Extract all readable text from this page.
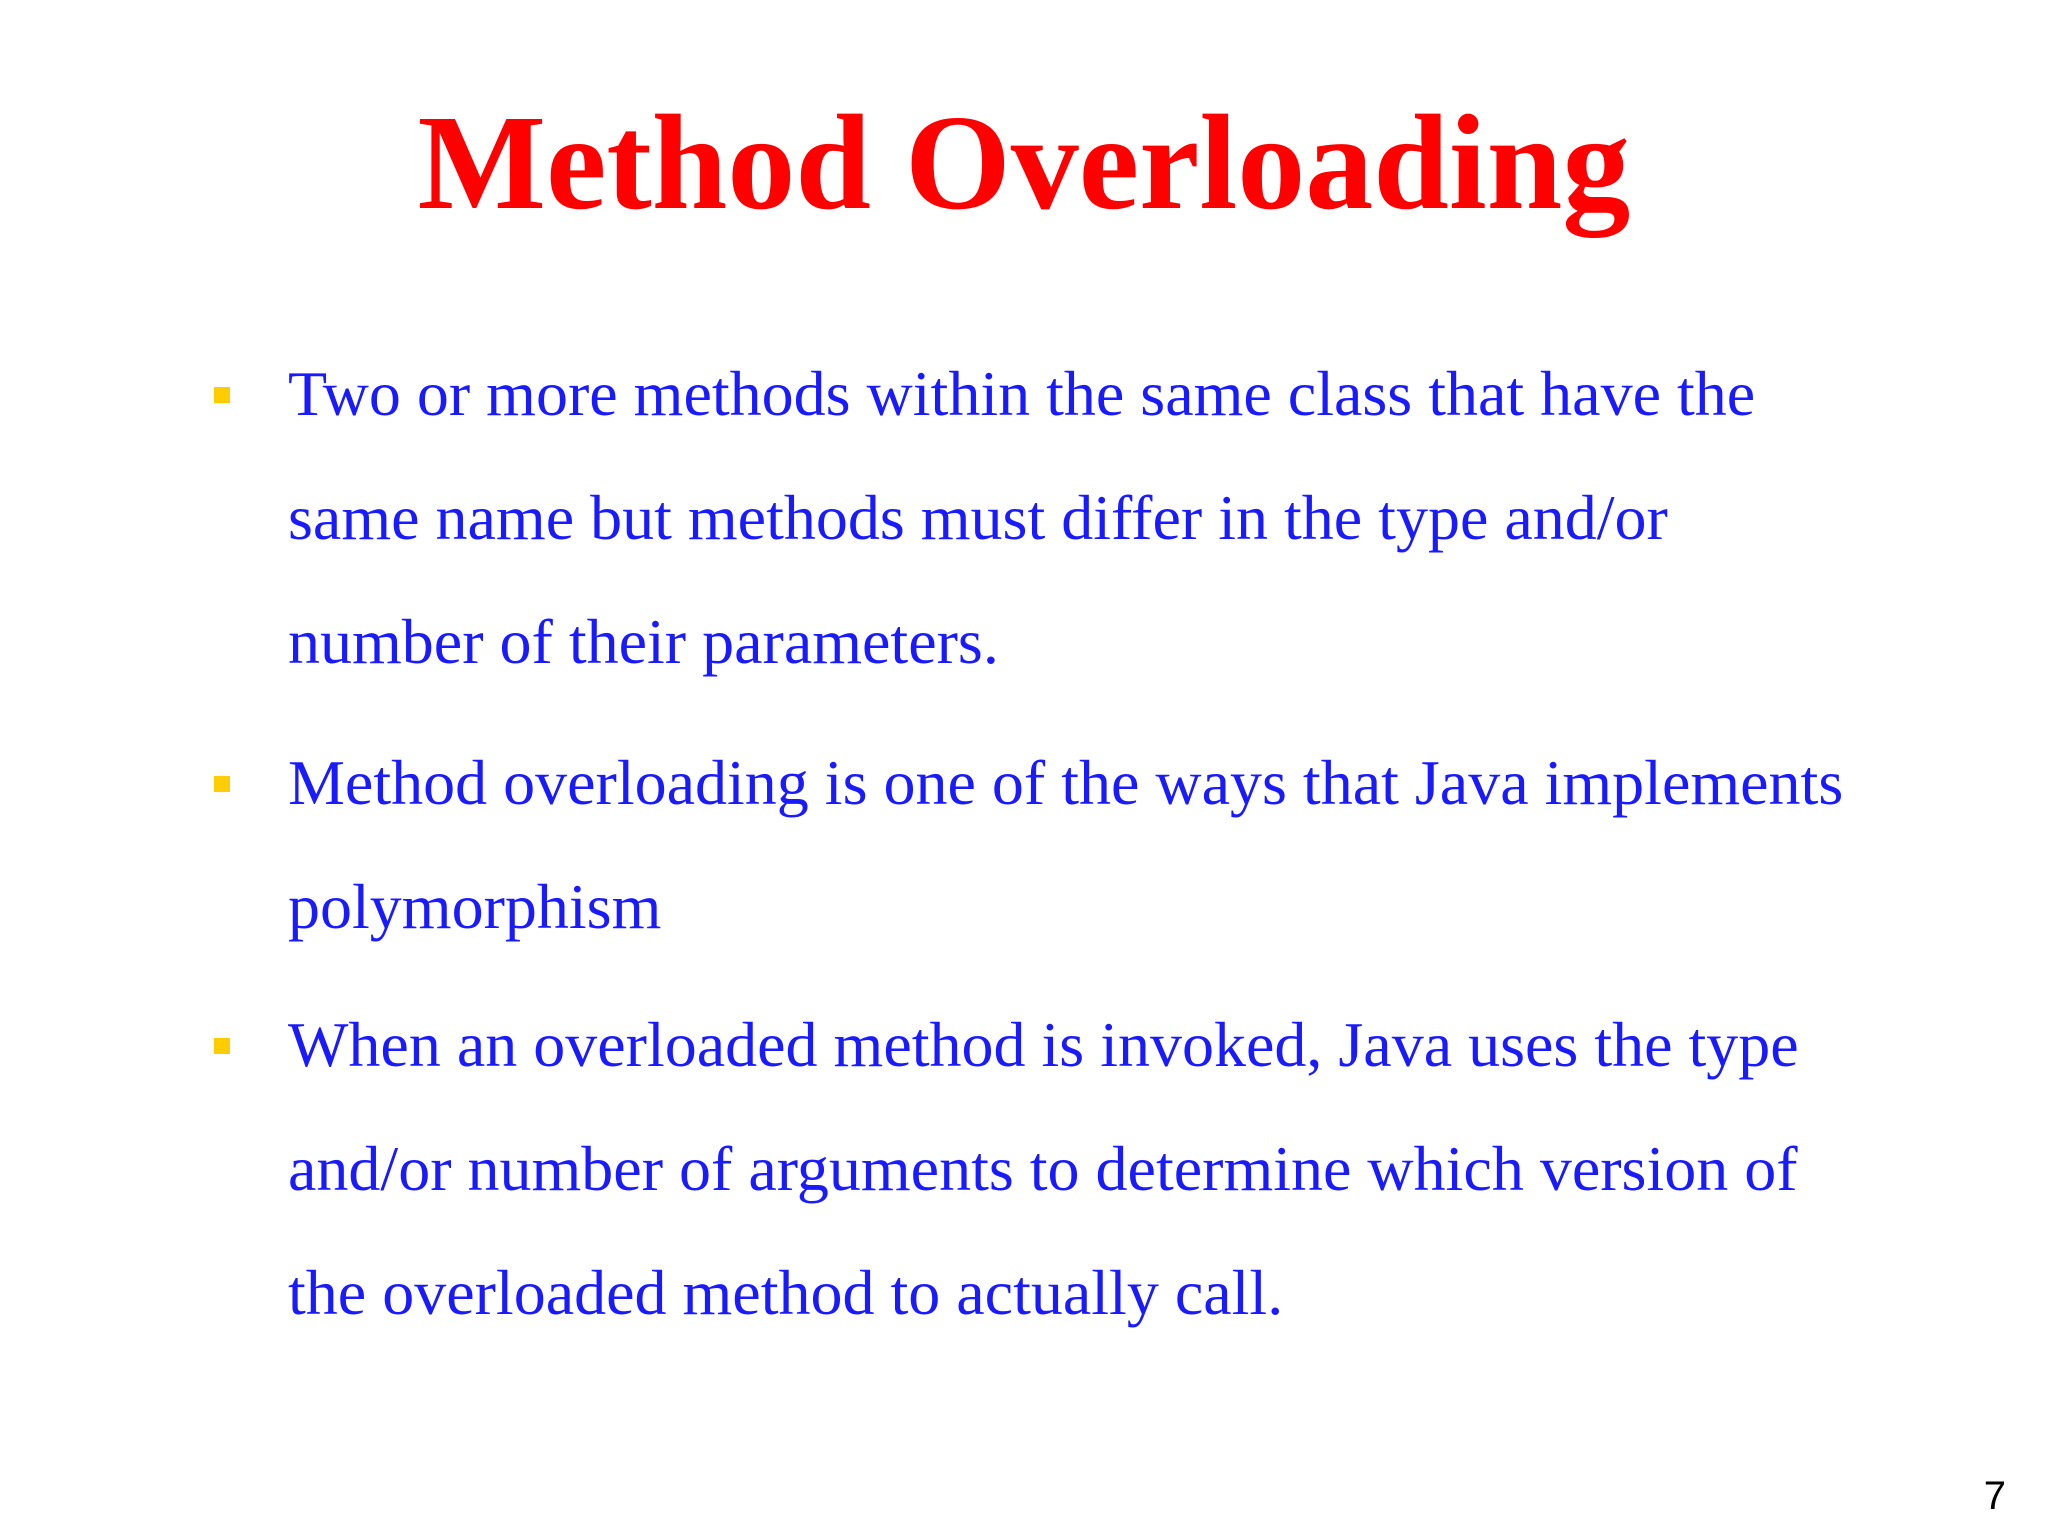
Method Overloading
Two or more methods within the same class that have the
same name but methods must differ in the type and/or
number of their parameters.
Method overloading is one of the ways that Java implements
polymorphism
When an overloaded method is invoked, Java uses the type
and/or number of arguments to determine which version of
the overloaded method to actually call.
7
